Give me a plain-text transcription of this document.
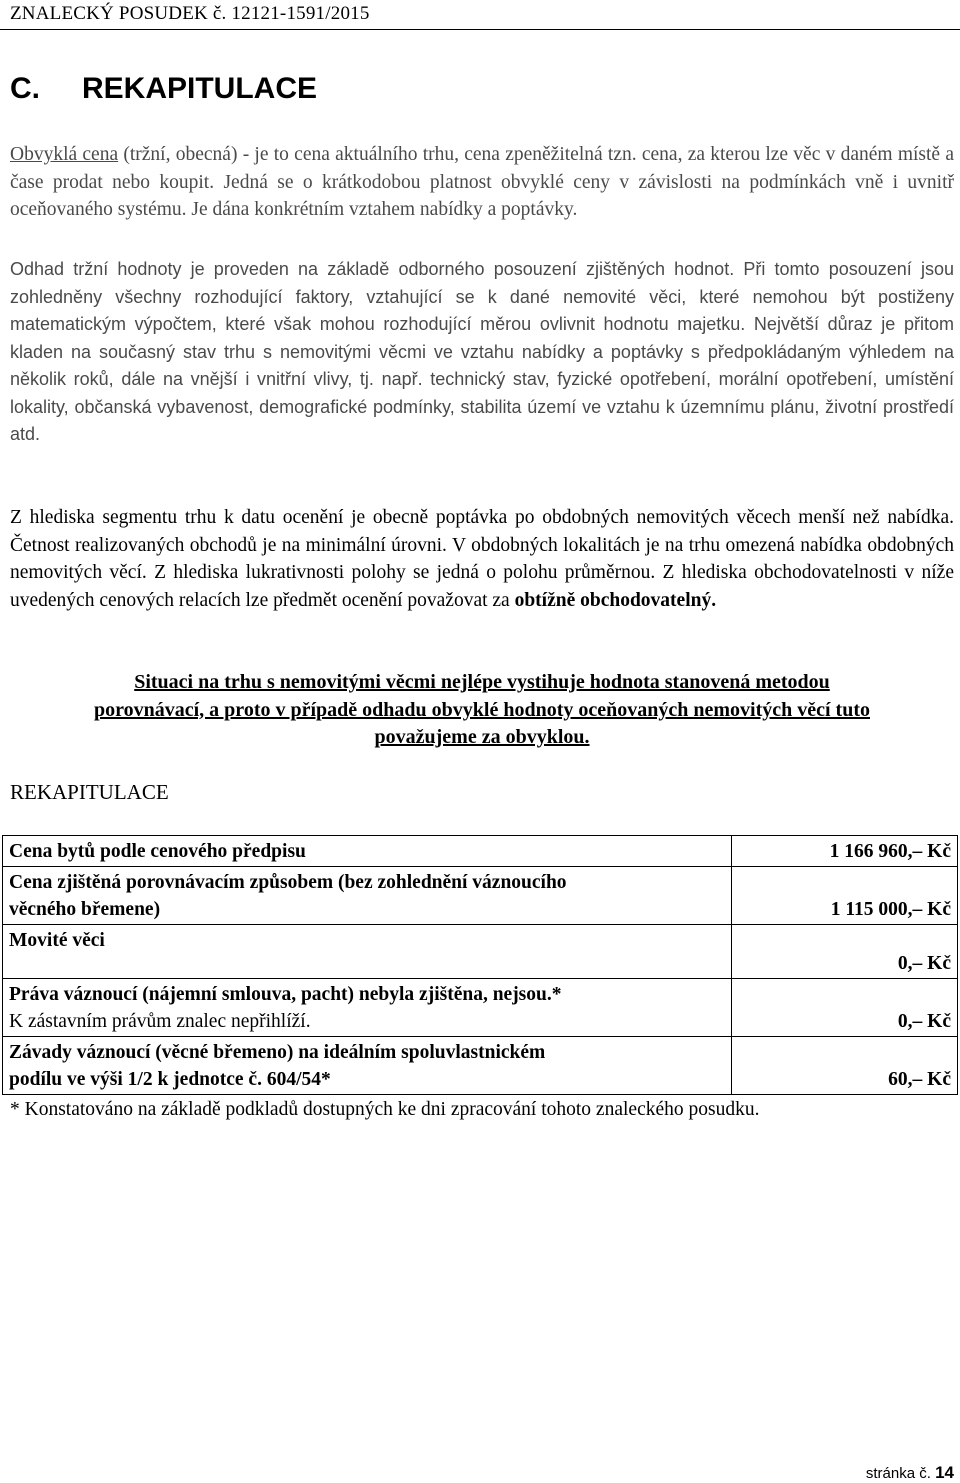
ZNALECKÝ POSUDEK č. 12121-1591/2015
C. REKAPITULACE

Obvyklá cena (tržní, obecná) - je to cena aktuálního trhu, cena zpeněžitelná tzn. cena, za kterou lze věc v daném místě a čase prodat nebo koupit. Jedná se o krátkodobou platnost obvyklé ceny v závislosti na podmínkách vně i uvnitř oceňovaného systému. Je dána konkrétním vztahem nabídky a poptávky.

Odhad tržní hodnoty je proveden na základě odborného posouzení zjištěných hodnot. Při tomto posouzení jsou zohledněny všechny rozhodující faktory, vztahující se k dané nemovité věci, které nemohou být postiženy matematickým výpočtem, které však mohou rozhodující měrou ovlivnit hodnotu majetku. Největší důraz je přitom kladen na současný stav trhu s nemovitými věcmi ve vztahu nabídky a poptávky s předpokládaným výhledem na několik roků, dále na vnější i vnitřní vlivy, tj. např. technický stav, fyzické opotřebení, morální opotřebení, umístění lokality, občanská vybavenost, demografické podmínky, stabilita území ve vztahu k územnímu plánu, životní prostředí atd.

Z hlediska segmentu trhu k datu ocenění je obecně poptávka po obdobných nemovitých věcech menší než nabídka. Četnost realizovaných obchodů je na minimální úrovni. V obdobných lokalitách je na trhu omezená nabídka obdobných nemovitých věcí. Z hlediska lukrativnosti polohy se jedná o polohu průměrnou. Z hlediska obchodovatelnosti v níže uvedených cenových relacích lze předmět ocenění považovat za obtížně obchodovatelný.

Situaci na trhu s nemovitými věcmi nejlépe vystihuje hodnota stanovená metodou
porovnávací, a proto v případě odhadu obvyklé hodnoty oceňovaných nemovitých věcí tuto
považujeme za obvyklou.

REKAPITULACE
Cena bytů podle cenového předpisu	1 166 960,– Kč
Cena zjištěná porovnávacím způsobem (bez zohlednění váznoucího
věcného břemene)	1 115 000,– Kč
Movité věci	0,– Kč
Práva váznoucí (nájemní smlouva, pacht) nebyla zjištěna, nejsou.*
K zástavním právům znalec nepřihlíží.	0,– Kč
Závady váznoucí (věcné břemeno) na ideálním spoluvlastnickém
podílu ve výši 1/2 k jednotce č. 604/54*	60,– Kč

* Konstatováno na základě podkladů dostupných ke dni zpracování tohoto znaleckého posudku.

stránka č. 14
